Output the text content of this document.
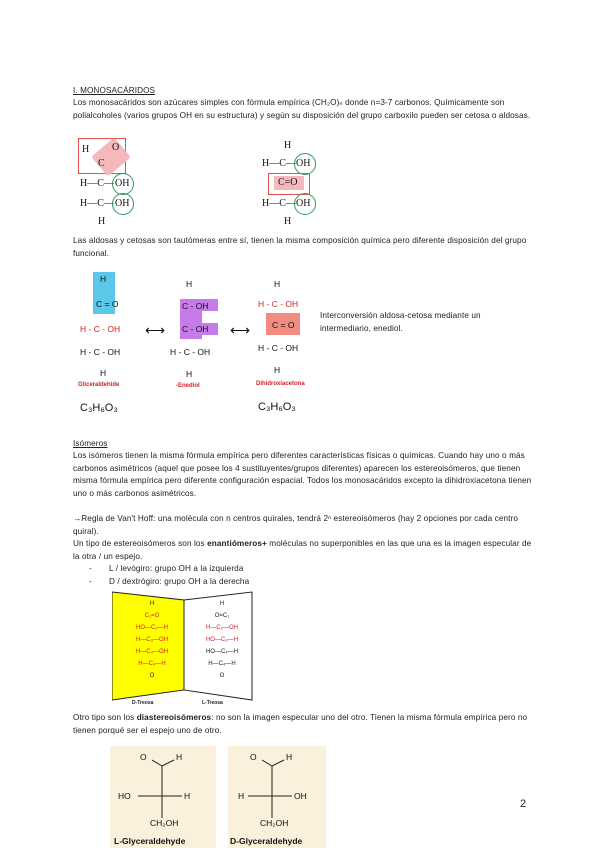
I. MONOSACÁRIDOS
Los monosacáridos son azúcares simples con fórmula empírica (CH₂O)ₙ donde n=3-7 carbonos. Químicamente son polialcoholes (varios grupos OH en su estructura) y según su disposición del grupo carboxilo pueden ser cetosa o aldosas.
H O
C
H—C— OH
H—C— OH
H
H
H—C— OH
C=O
H—C— OH
H
Las aldosas y cetosas son tautómeras entre sí, tienen la misma composición química pero diferente disposición del grupo funcional.
H
C = O
H - C - OH
H - C - OH
H
Gliceraldehide
C₃H₆O₃
⟷
H
C - OH
C - OH
H - C - OH
H
-Enediol
⟷
H
H - C - OH
C = O
H - C - OH
H
Dihidroxiacetona
C₃H₆O₃
Interconversión aldosa-cetosa mediante un intermediario, enediol.
Isómeros
Los isómeros tienen la misma fórmula empírica pero diferentes características físicas o químicas. Cuando hay uno o más carbonos asimétricos (aquel que posee los 4 sustituyentes/grupos diferentes) aparecen los estereoisómeros, que tienen misma fórmula empírica pero diferente configuración espacial. Todos los monosacáridos excepto la dihidroxiacetona tienen uno o más carbonos asimétricos.
→Regla de Van't Hoff: una molécula con n centros quirales, tendrá 2ⁿ estereoisómeros (hay 2 opciones por cada centro quiral).
Un tipo de estereoisómeros son los enantiómeros+ moléculas no superponibles en las que una es la imagen especular de la otra / un espejo.
- L / levógiro: grupo OH a la izquierda
- D / dextrógiro: grupo OH a la derecha
H
C₁=O
HO—C₂—H
H—C₃—OH
H—C₄—OH
H—C₄—H
O
H
O=C₁
H—C₂—OH
HO—C₃—H
HO—C₄—H
H—C₄—H
O
D-Treosa	L-Treosa
Otro tipo son los diastereoisómeros: no son la imagen especular uno del otro. Tienen la misma fórmula empírica pero no tienen porqué ser el espejo uno de otro.
O	H
HO	H
CH₂OH
L-Glyceraldehyde
O	H
H	OH
CH₂OH
D-Glyceraldehyde
2
